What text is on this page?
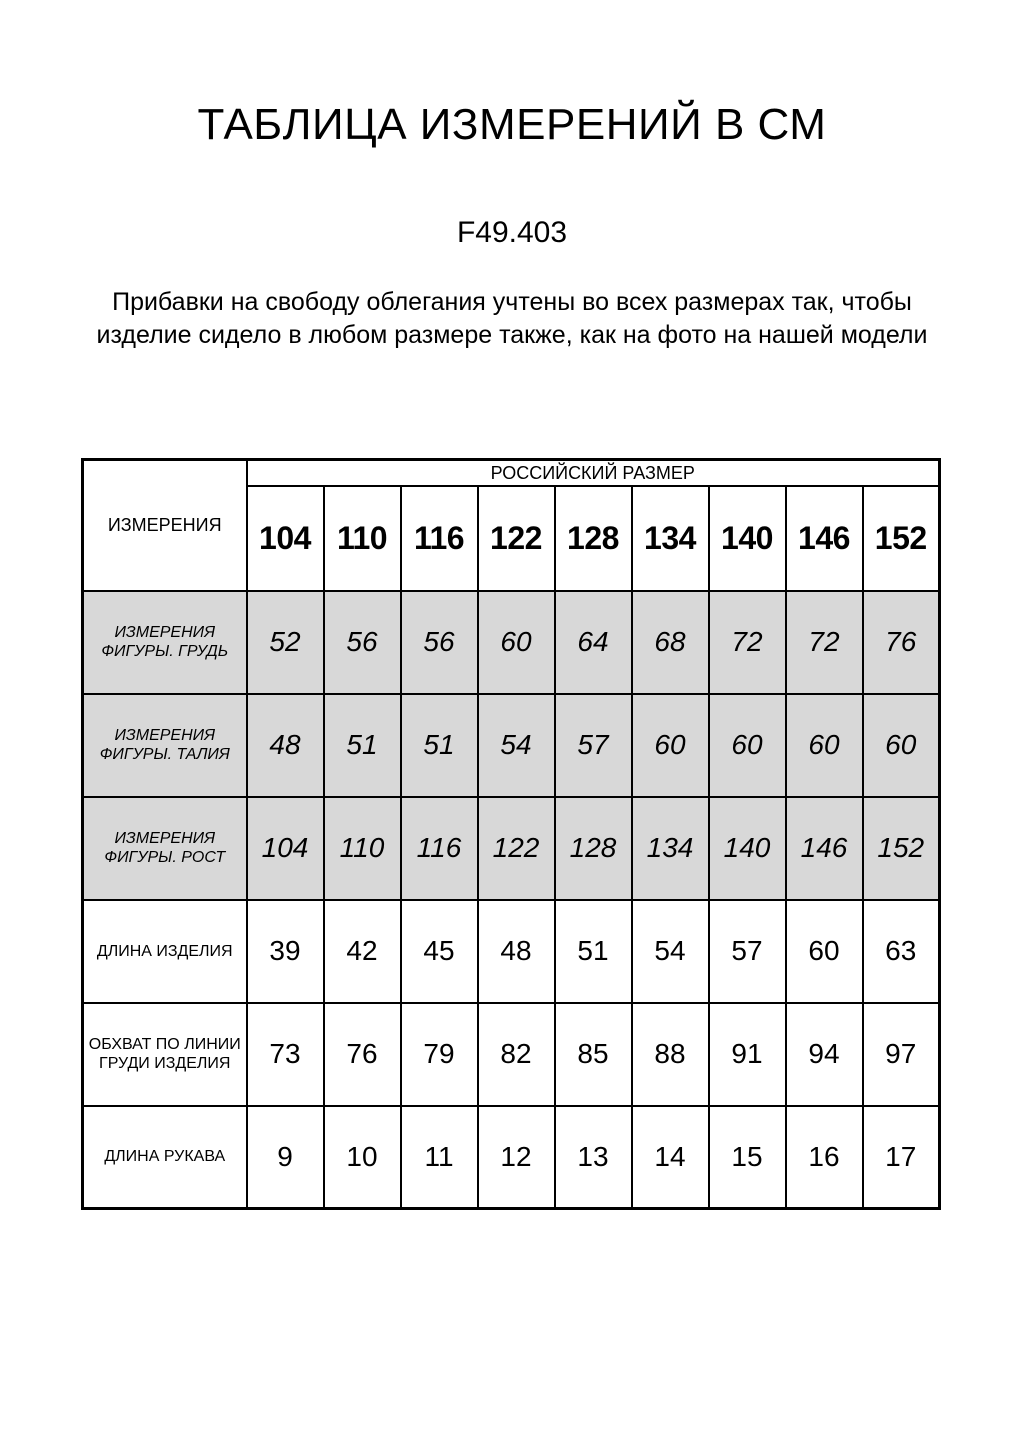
ТАБЛИЦА ИЗМЕРЕНИЙ В СМ
F49.403
Прибавки на свободу облегания учтены во всех размерах так, чтобы изделие сидело в любом размере также, как на фото на нашей модели
ИЗМЕРЕНИЯ	РОССИЙСКИЙ РАЗМЕР								
	104	110	116	122	128	134	140	146	152
ИЗМЕРЕНИЯ ФИГУРЫ. ГРУДЬ	52	56	56	60	64	68	72	72	76
ИЗМЕРЕНИЯ ФИГУРЫ. ТАЛИЯ	48	51	51	54	57	60	60	60	60
ИЗМЕРЕНИЯ ФИГУРЫ. РОСТ	104	110	116	122	128	134	140	146	152
ДЛИНА ИЗДЕЛИЯ	39	42	45	48	51	54	57	60	63
ОБХВАТ ПО ЛИНИИ ГРУДИ ИЗДЕЛИЯ	73	76	79	82	85	88	91	94	97
ДЛИНА РУКАВА	9	10	11	12	13	14	15	16	17
